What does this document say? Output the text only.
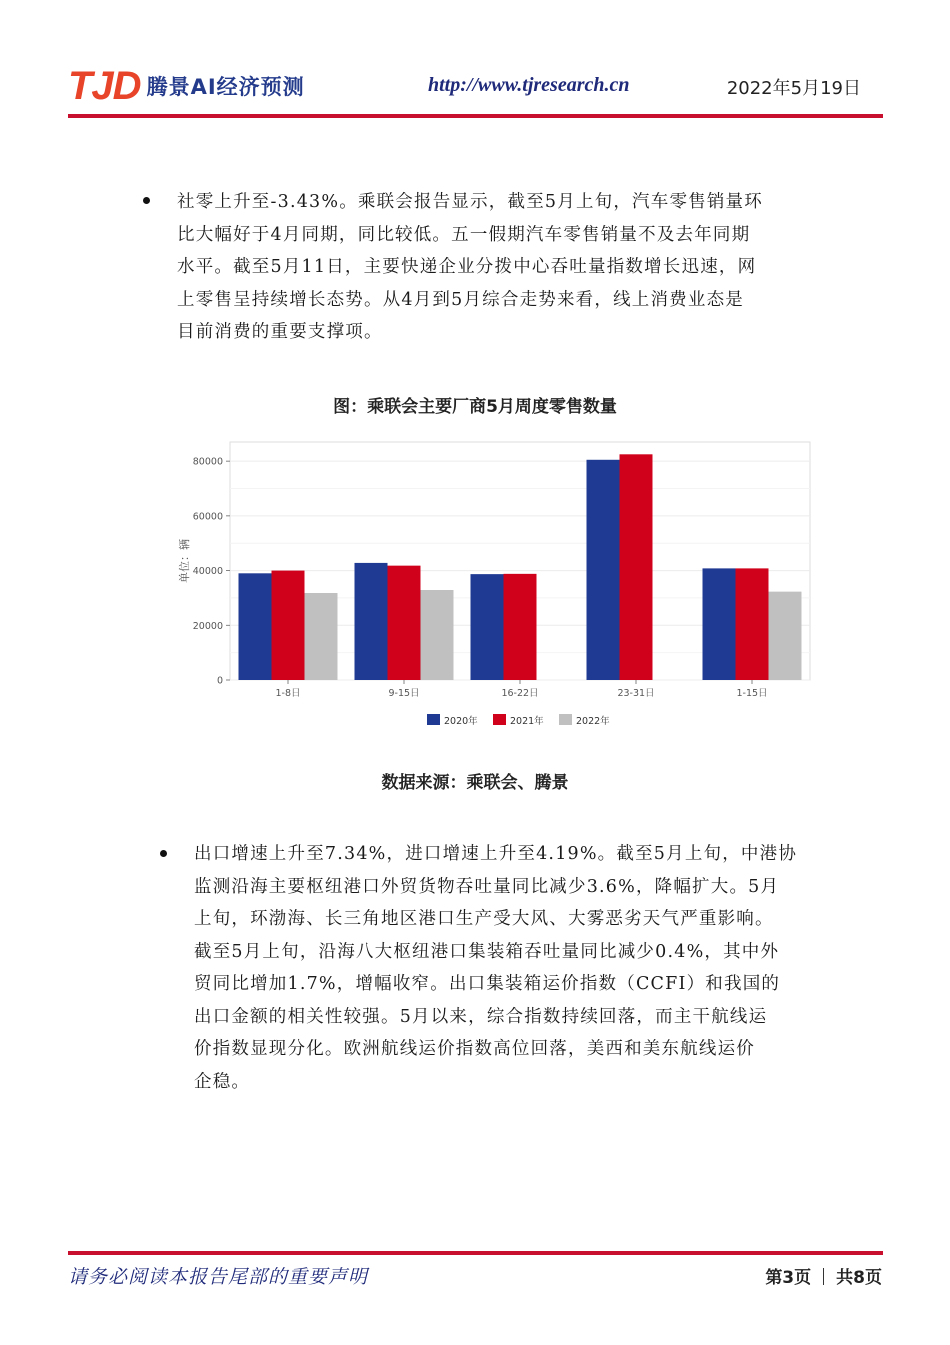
TJD 腾景AI经济预测	http://www.tjresearch.cn	2022年5月19日
社零上升至-3.43%。乘联会报告显示，截至5月上旬，汽车零售销量环
比大幅好于4月同期，同比较低。五一假期汽车零售销量不及去年同期
水平。截至5月11日，主要快递企业分拨中心吞吐量指数增长迅速，网
上零售呈持续增长态势。从4月到5月综合走势来看，线上消费业态是
目前消费的重要支撑项。
图：乘联会主要厂商5月周度零售数量
0
20000
40000
60000
80000
单位：辆
1-8日	9-15日	16-22日	23-31日	1-15日
2020年	2021年	2022年
数据来源：乘联会、腾景
出口增速上升至7.34%，进口增速上升至4.19%。截至5月上旬，中港协
监测沿海主要枢纽港口外贸货物吞吐量同比减少3.6%，降幅扩大。5月
上旬，环渤海、长三角地区港口生产受大风、大雾恶劣天气严重影响。
截至5月上旬，沿海八大枢纽港口集装箱吞吐量同比减少0.4%，其中外
贸同比增加1.7%，增幅收窄。出口集装箱运价指数（CCFI）和我国的
出口金额的相关性较强。5月以来，综合指数持续回落，而主干航线运
价指数显现分化。欧洲航线运价指数高位回落，美西和美东航线运价
企稳。
请务必阅读本报告尾部的重要声明	第3页 共8页
